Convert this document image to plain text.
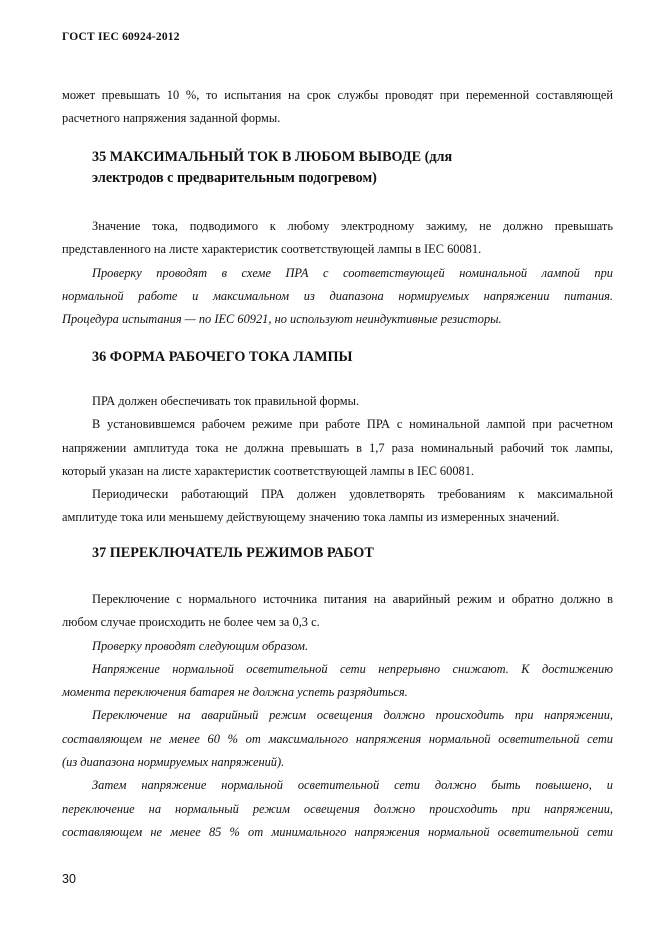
ГОСТ IEC 60924-2012
может превышать 10 %, то испытания на срок службы проводят при переменной составляющей
расчетного напряжения заданной формы.
35 МАКСИМАЛЬНЫЙ ТОК В ЛЮБОМ ВЫВОДЕ (для
электродов с предварительным подогревом)
Значение тока, подводимого к любому электродному зажиму, не должно превышать
представленного на листе характеристик соответствующей лампы в IEC 60081.
Проверку проводят в схеме ПРА с соответствующей номинальной лампой при
нормальной работе и максимальном из диапазона нормируемых напряжении питания.
Процедура испытания — по IEC 60921, но используют неиндуктивные резисторы.
36 ФОРМА РАБОЧЕГО ТОКА ЛАМПЫ
ПРА должен обеспечивать ток правильной формы.
В установившемся рабочем режиме при работе ПРА с номинальной лампой при расчетном
напряжении амплитуда тока не должна превышать в 1,7 раза номинальный рабочий ток лампы,
который указан на листе характеристик соответствующей лампы в IEC 60081.
Периодически работающий ПРА должен удовлетворять требованиям к максимальной
амплитуде тока или меньшему действующему значению тока лампы из измеренных значений.
37 ПЕРЕКЛЮЧАТЕЛЬ РЕЖИМОВ РАБОТ
Переключение с нормального источника питания на аварийный режим и обратно должно в
любом случае происходить не более чем за 0,3 с.
Проверку проводят следующим образом.
Напряжение нормальной осветительной сети непрерывно снижают. К достижению
момента переключения батарея не должна успеть разрядиться.
Переключение на аварийный режим освещения должно происходить при напряжении,
составляющем не менее 60 % от максимального напряжения нормальной осветительной сети
(из диапазона нормируемых напряжений).
Затем напряжение нормальной осветительной сети должно быть повышено, и
переключение на нормальный режим освещения должно происходить при напряжении,
составляющем не менее 85 % от минимального напряжения нормальной осветительной сети
30
